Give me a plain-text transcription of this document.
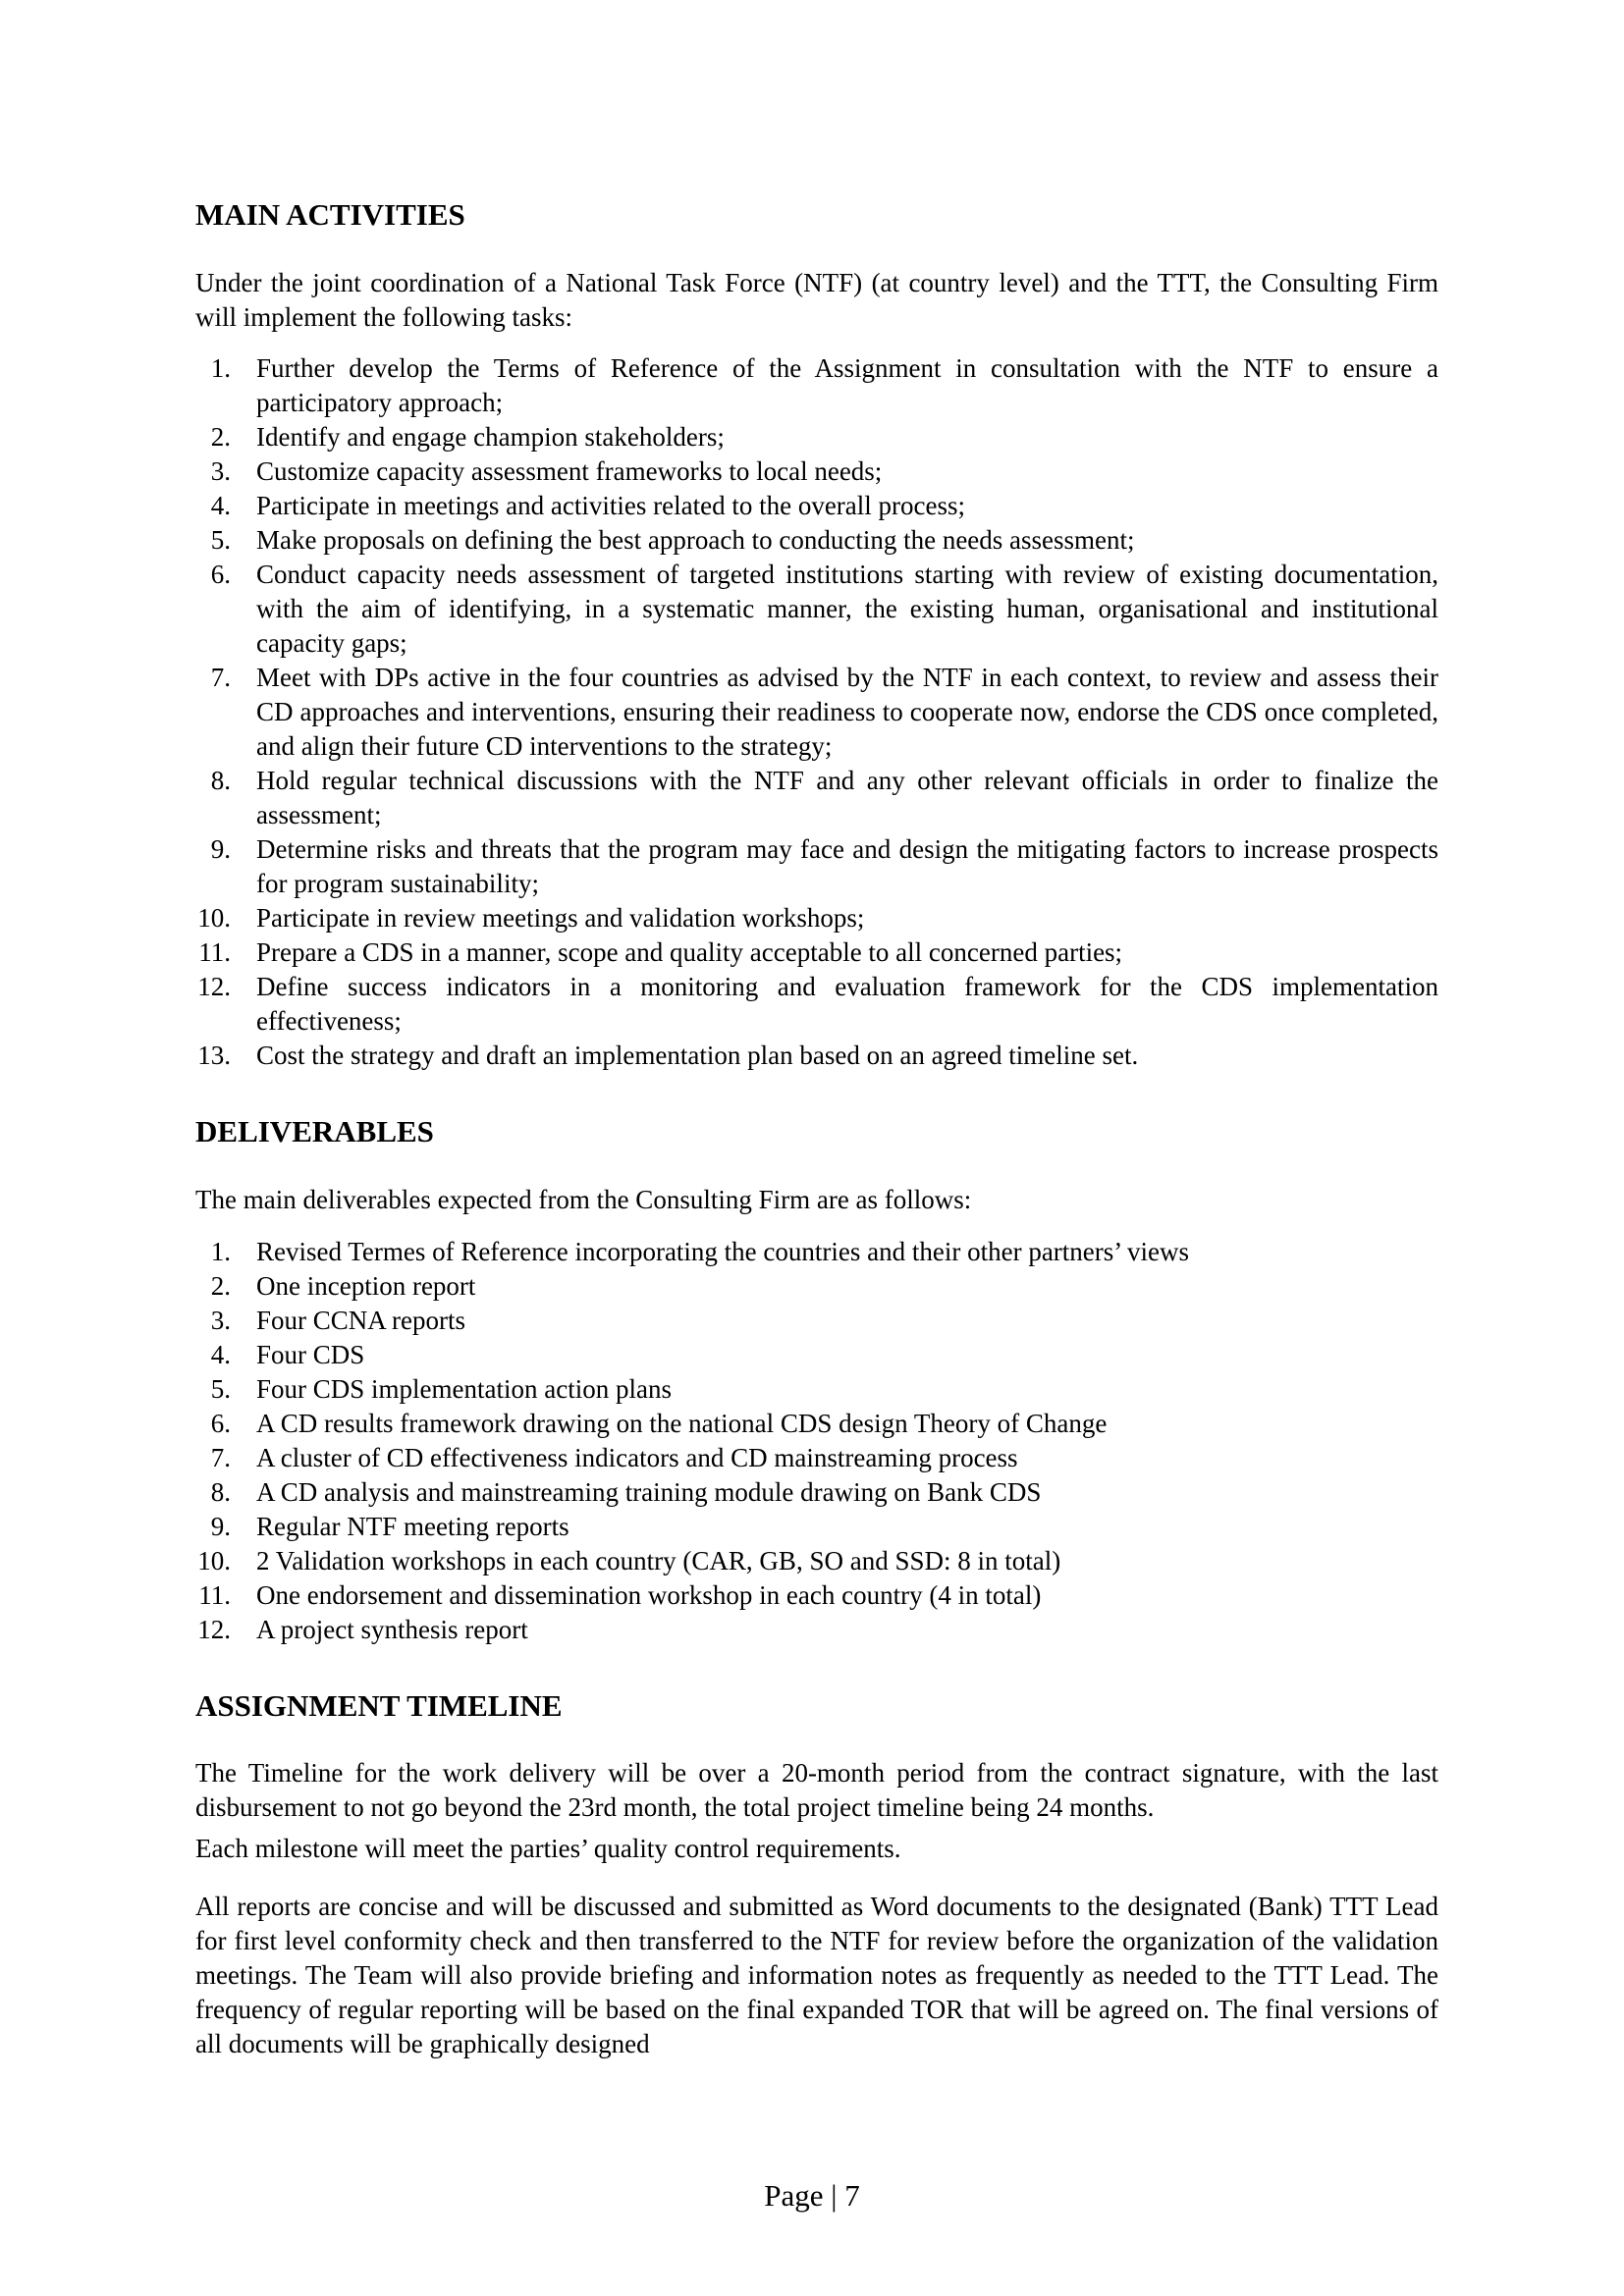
MAIN ACTIVITIES

Under the joint coordination of a National Task Force (NTF) (at country level) and the TTT, the Consulting Firm will implement the following tasks:

1. Further develop the Terms of Reference of the Assignment in consultation with the NTF to ensure a participatory approach;
2. Identify and engage champion stakeholders;
3. Customize capacity assessment frameworks to local needs;
4. Participate in meetings and activities related to the overall process;
5. Make proposals on defining the best approach to conducting the needs assessment;
6. Conduct capacity needs assessment of targeted institutions starting with review of existing documentation, with the aim of identifying, in a systematic manner, the existing human, organisational and institutional capacity gaps;
7. Meet with DPs active in the four countries as advised by the NTF in each context, to review and assess their CD approaches and interventions, ensuring their readiness to cooperate now, endorse the CDS once completed, and align their future CD interventions to the strategy;
8. Hold regular technical discussions with the NTF and any other relevant officials in order to finalize the assessment;
9. Determine risks and threats that the program may face and design the mitigating factors to increase prospects for program sustainability;
10. Participate in review meetings and validation workshops;
11. Prepare a CDS in a manner, scope and quality acceptable to all concerned parties;
12. Define success indicators in a monitoring and evaluation framework for the CDS implementation effectiveness;
13. Cost the strategy and draft an implementation plan based on an agreed timeline set.
DELIVERABLES

The main deliverables expected from the Consulting Firm are as follows:

1. Revised Termes of Reference incorporating the countries and their other partners’ views
2. One inception report
3. Four CCNA reports
4. Four CDS
5. Four CDS implementation action plans
6. A CD results framework drawing on the national CDS design Theory of Change
7. A cluster of CD effectiveness indicators and CD mainstreaming process
8. A CD analysis and mainstreaming training module drawing on Bank CDS
9. Regular NTF meeting reports
10. 2 Validation workshops in each country (CAR, GB, SO and SSD: 8 in total)
11. One endorsement and dissemination workshop in each country (4 in total)
12. A project synthesis report
ASSIGNMENT TIMELINE

The Timeline for the work delivery will be over a 20-month period from the contract signature, with the last disbursement to not go beyond the 23rd month, the total project timeline being 24 months.

Each milestone will meet the parties’ quality control requirements.

All reports are concise and will be discussed and submitted as Word documents to the designated (Bank) TTT Lead for first level conformity check and then transferred to the NTF for review before the organization of the validation meetings. The Team will also provide briefing and information notes as frequently as needed to the TTT Lead. The frequency of regular reporting will be based on the final expanded TOR that will be agreed on. The final versions of all documents will be graphically designed

Page | 7
